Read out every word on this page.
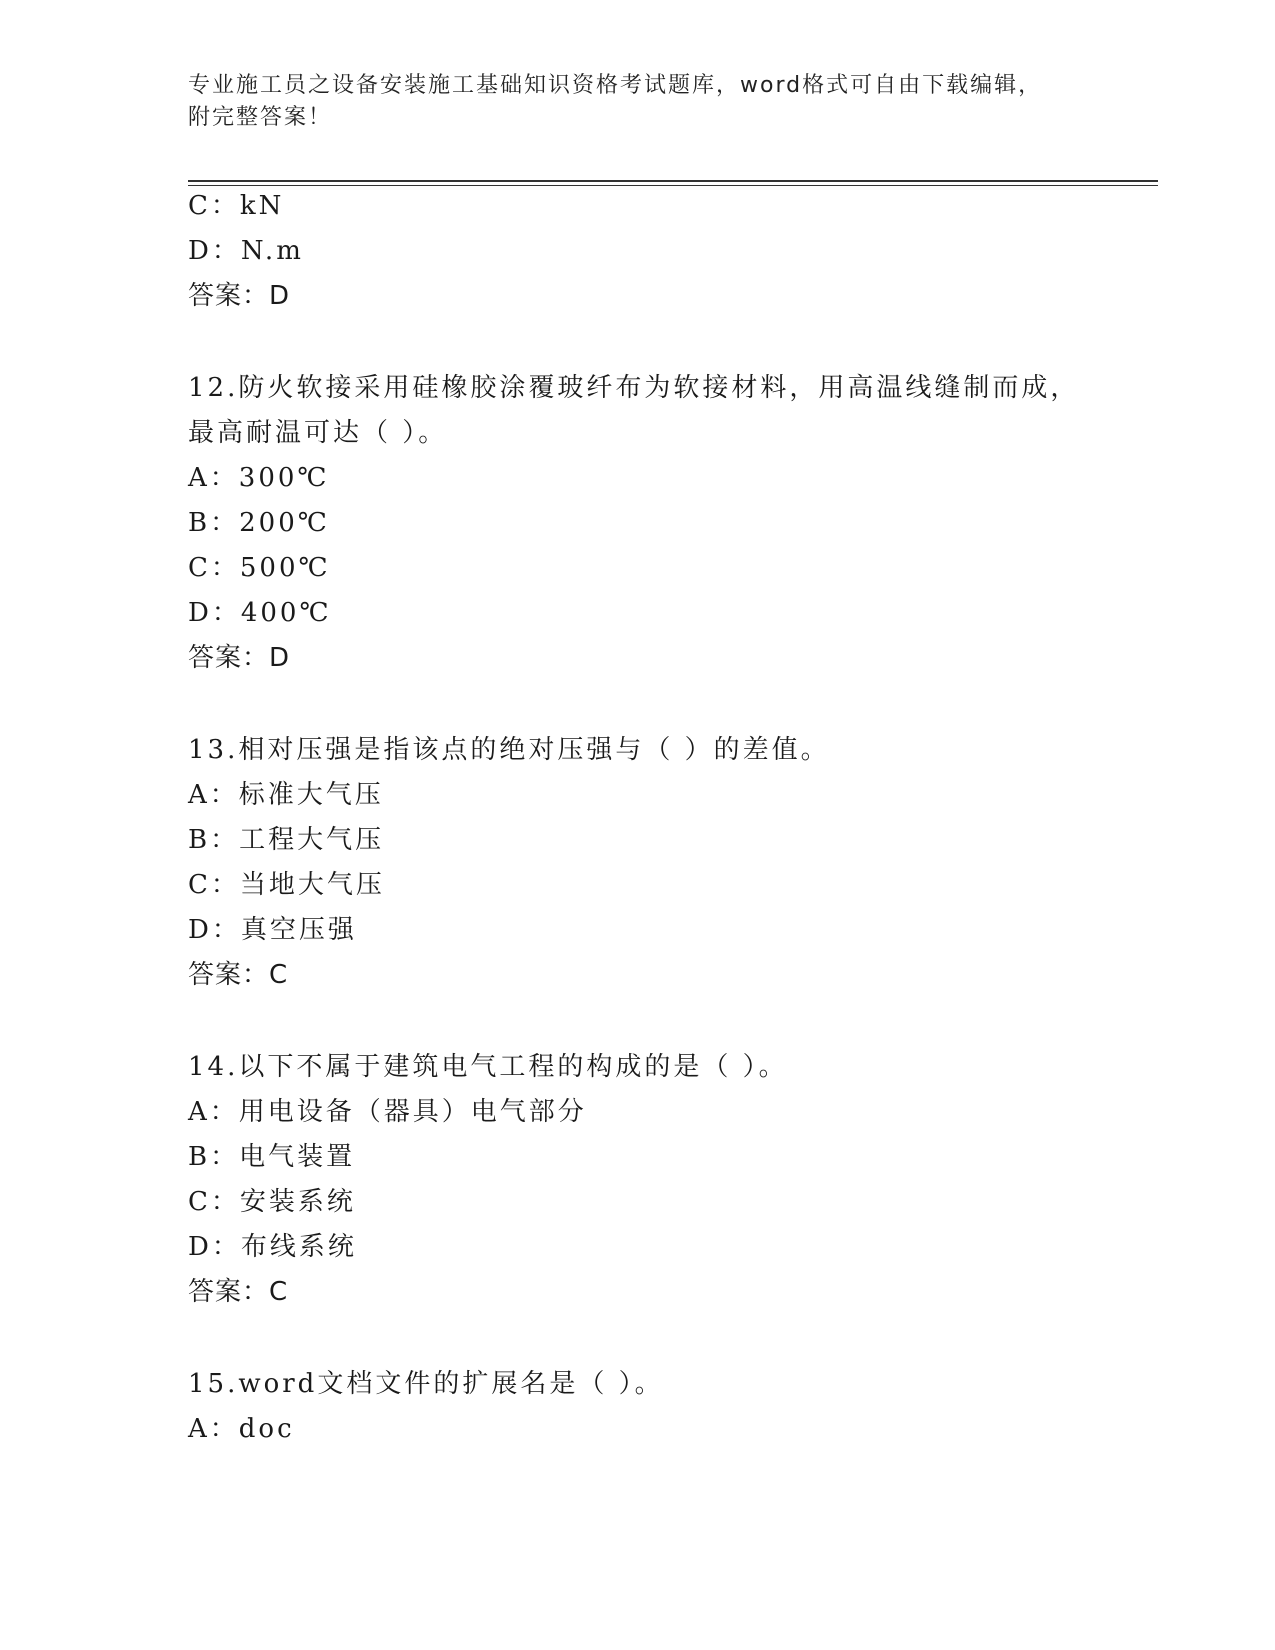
专业施工员之设备安装施工基础知识资格考试题库，word格式可自由下载编辑，
附完整答案！
C：kN
D：N.m
答案：D
12.防火软接采用硅橡胶涂覆玻纤布为软接材料，用高温线缝制而成，
最高耐温可达（ ）。
A：300℃
B：200℃
C：500℃
D：400℃
答案：D
13.相对压强是指该点的绝对压强与（ ）的差值。
A：标准大气压
B：工程大气压
C：当地大气压
D：真空压强
答案：C
14.以下不属于建筑电气工程的构成的是（ ）。
A：用电设备（器具）电气部分
B：电气装置
C：安装系统
D：布线系统
答案：C
15.word文档文件的扩展名是（ ）。
A：doc
